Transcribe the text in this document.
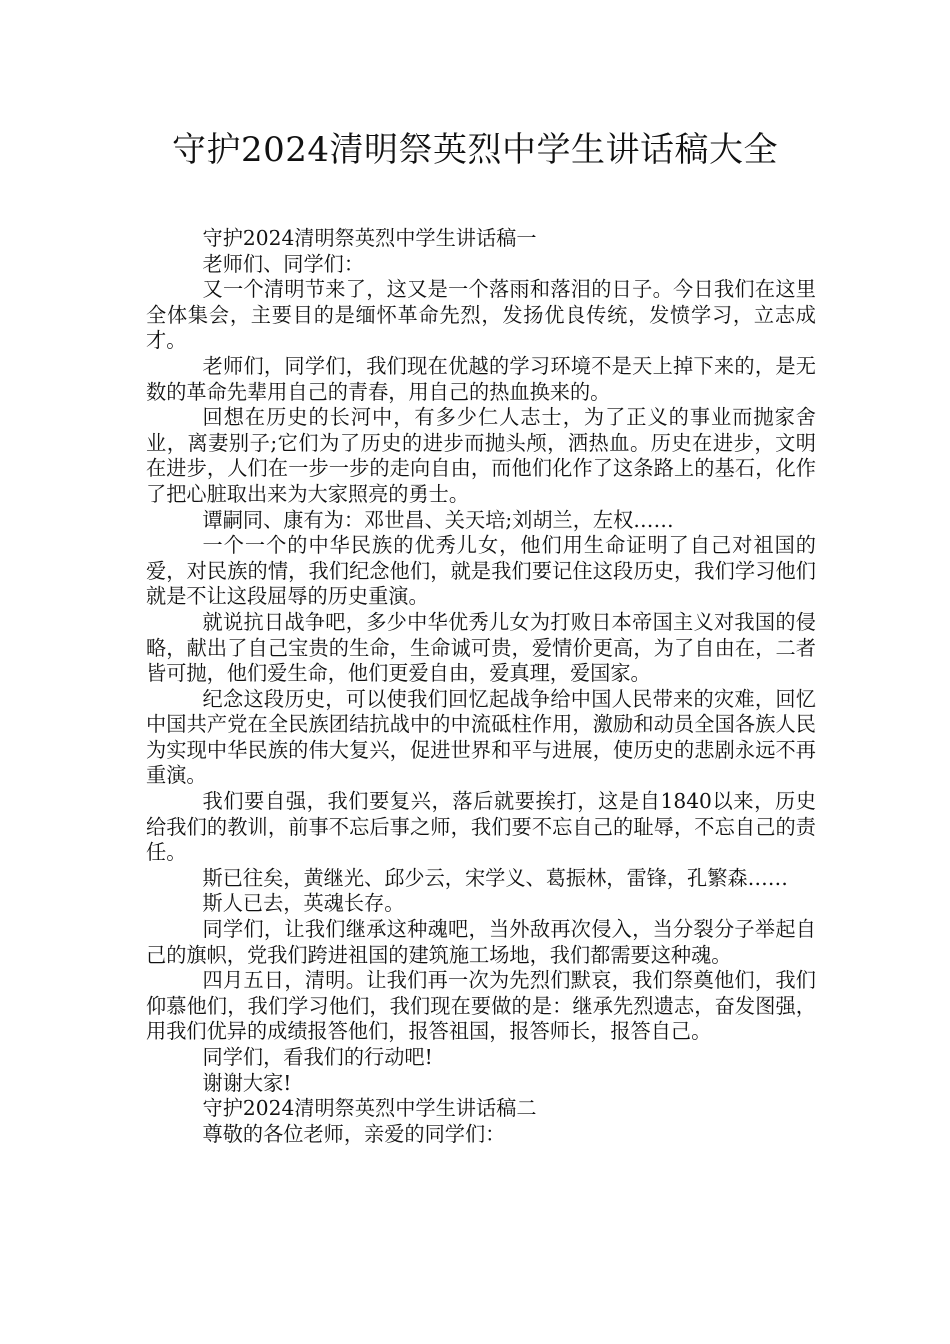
守护2024清明祭英烈中学生讲话稿大全

守护2024清明祭英烈中学生讲话稿一

老师们、同学们：

又一个清明节来了，这又是一个落雨和落泪的日子。今日我们在这里全体集会，主要目的是缅怀革命先烈，发扬优良传统，发愤学习，立志成才。

老师们，同学们，我们现在优越的学习环境不是天上掉下来的，是无数的革命先辈用自己的青春，用自己的热血换来的。

回想在历史的长河中，有多少仁人志士，为了正义的事业而抛家舍业，离妻别子;它们为了历史的进步而抛头颅，洒热血。历史在进步，文明在进步，人们在一步一步的走向自由，而他们化作了这条路上的基石，化作了把心脏取出来为大家照亮的勇士。

谭嗣同、康有为：邓世昌、关天培;刘胡兰，左权……

一个一个的中华民族的优秀儿女，他们用生命证明了自己对祖国的爱，对民族的情，我们纪念他们，就是我们要记住这段历史，我们学习他们就是不让这段屈辱的历史重演。

就说抗日战争吧，多少中华优秀儿女为打败日本帝国主义对我国的侵略，献出了自己宝贵的生命，生命诚可贵，爱情价更高，为了自由在，二者皆可抛，他们爱生命，他们更爱自由，爱真理，爱国家。

纪念这段历史，可以使我们回忆起战争给中国人民带来的灾难，回忆中国共产党在全民族团结抗战中的中流砥柱作用，激励和动员全国各族人民为实现中华民族的伟大复兴，促进世界和平与进展，使历史的悲剧永远不再重演。

我们要自强，我们要复兴，落后就要挨打，这是自1840以来，历史给我们的教训，前事不忘后事之师，我们要不忘自己的耻辱，不忘自己的责任。

斯已往矣，黄继光、邱少云，宋学义、葛振林，雷锋，孔繁森……

斯人已去，英魂长存。

同学们，让我们继承这种魂吧，当外敌再次侵入，当分裂分子举起自己的旗帜，党我们跨进祖国的建筑施工场地，我们都需要这种魂。

四月五日，清明。让我们再一次为先烈们默哀，我们祭奠他们，我们仰慕他们，我们学习他们，我们现在要做的是：继承先烈遗志，奋发图强，用我们优异的成绩报答他们，报答祖国，报答师长，报答自己。

同学们，看我们的行动吧!

谢谢大家!

守护2024清明祭英烈中学生讲话稿二

尊敬的各位老师，亲爱的同学们：
